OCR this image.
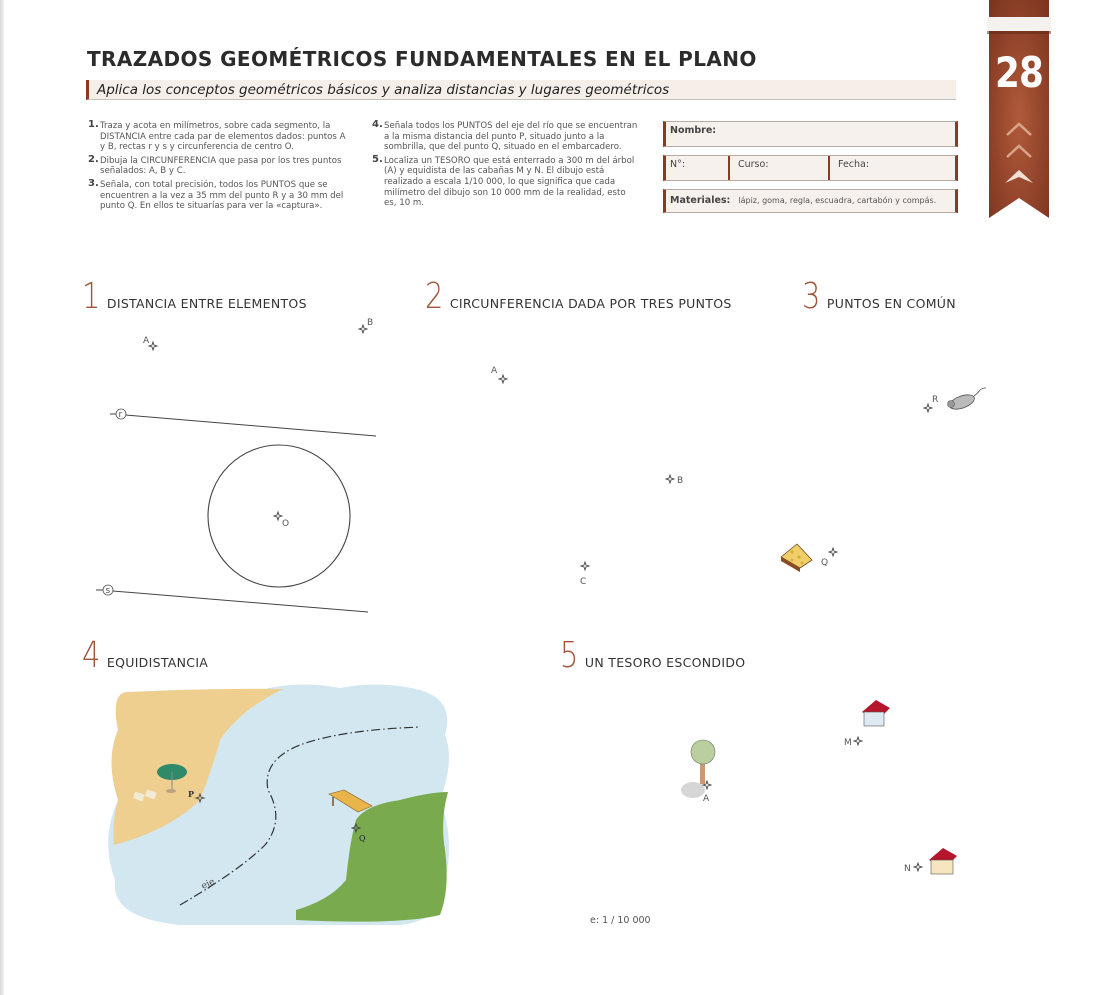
TRAZADOS GEOMÉTRICOS FUNDAMENTALES EN EL PLANO
Aplica los conceptos geométricos básicos y analiza distancias y lugares geométricos
1. Traza y acota en milímetros, sobre cada segmento, la DISTANCIA entre cada par de elementos dados: puntos A y B, rectas r y s y circunferencia de centro O.
2. Dibuja la CIRCUNFERENCIA que pasa por los tres puntos señalados: A, B y C.
3. Señala, con total precisión, todos los PUNTOS que se encuentren a la vez a 35 mm del punto R y a 30 mm del punto Q. En ellos te situarías para ver la «captura».
4. Señala todos los PUNTOS del eje del río que se encuentran a la misma distancia del punto P, situado junto a la sombrilla, que del punto Q, situado en el embarcadero.
5. Localiza un TESORO que está enterrado a 300 m del árbol (A) y equidista de las cabañas M y N. El dibujo está realizado a escala 1/10 000, lo que significa que cada milímetro del dibujo son 10 000 mm de la realidad, esto es, 10 m.
Nombre:
N°:	Curso:	Fecha:
Materiales: lápiz, goma, regla, escuadra, cartabón y compás.
28
1 DISTANCIA ENTRE ELEMENTOS	2 CIRCUNFERENCIA DADA POR TRES PUNTOS 3 PUNTOS EN COMÚN
4 EQUIDISTANCIA	5 UN TESORO ESCONDIDO
A
B
r
s
O
A
B
C
R
Q
eje
P
Q
A
M
N
e: 1 / 10 000
